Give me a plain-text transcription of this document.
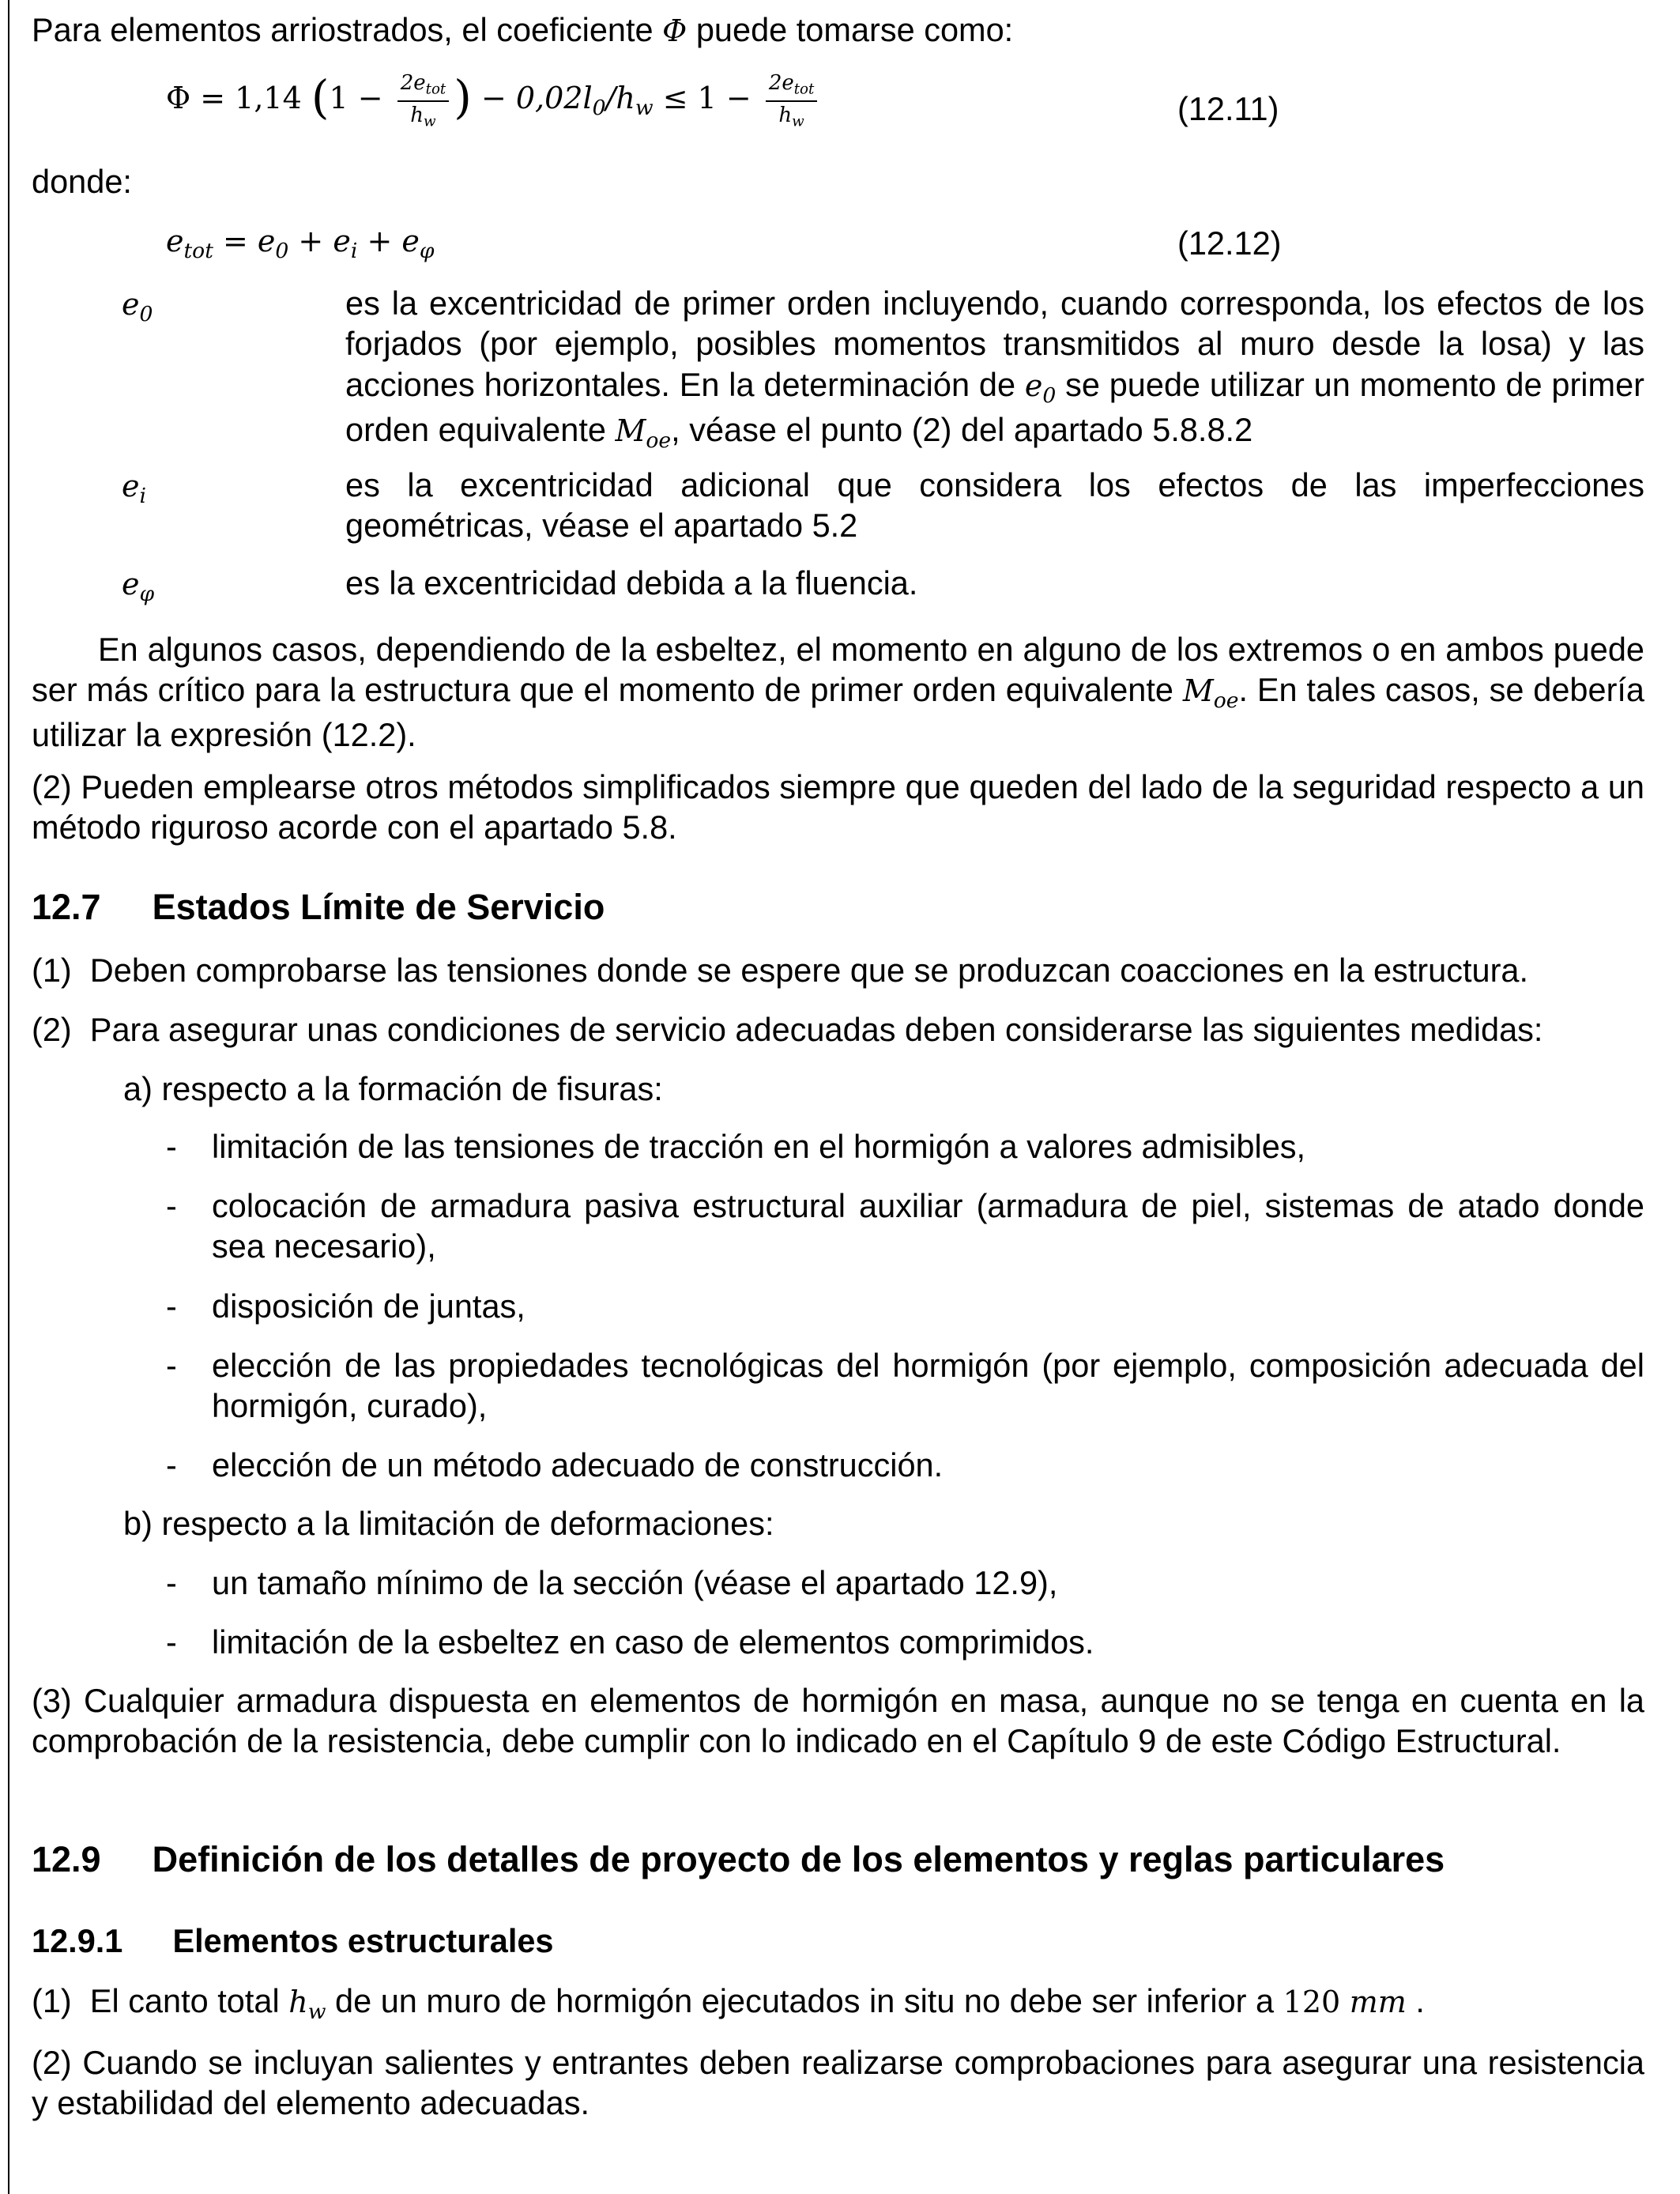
Para elementos arriostrados, el coeficiente Φ puede tomarse como:
Φ = 1,14 ($1 - \frac{2e_{tot}}{h_w}$ ) − $0,02l_0/h_w \le 1 - \frac{2e_{tot}}{h_w}$	(12.11)
donde:
$e_{tot} = e_0 + e_i + e_\varphi$	(12.12)
$e_0$	es la excentricidad de primer orden incluyendo, cuando corresponda, los efectos de los forjados (por ejemplo, posibles momentos transmitidos al muro desde la losa) y las acciones horizontales. En la determinación de $e_0$ se puede utilizar un momento de primer orden equivalente $M_{oe}$, véase el punto (2) del apartado 5.8.8.2
$e_i$	es la excentricidad adicional que considera los efectos de las imperfecciones geométricas, véase el apartado 5.2
$e_\varphi$	es la excentricidad debida a la fluencia.
En algunos casos, dependiendo de la esbeltez, el momento en alguno de los extremos o en ambos puede ser más crítico para la estructura que el momento de primer orden equivalente $M_{oe}$. En tales casos, se debería utilizar la expresión (12.2).
(2) Pueden emplearse otros métodos simplificados siempre que queden del lado de la seguridad respecto a un método riguroso acorde con el apartado 5.8.
12.7 Estados Límite de Servicio
(1) Deben comprobarse las tensiones donde se espere que se produzcan coacciones en la estructura.
(2) Para asegurar unas condiciones de servicio adecuadas deben considerarse las siguientes medidas:
a) respecto a la formación de fisuras:
- limitación de las tensiones de tracción en el hormigón a valores admisibles,
- colocación de armadura pasiva estructural auxiliar (armadura de piel, sistemas de atado donde sea necesario),
- disposición de juntas,
- elección de las propiedades tecnológicas del hormigón (por ejemplo, composición adecuada del hormigón, curado),
- elección de un método adecuado de construcción.
b) respecto a la limitación de deformaciones:
- un tamaño mínimo de la sección (véase el apartado 12.9),
- limitación de la esbeltez en caso de elementos comprimidos.
(3) Cualquier armadura dispuesta en elementos de hormigón en masa, aunque no se tenga en cuenta en la comprobación de la resistencia, debe cumplir con lo indicado en el Capítulo 9 de este Código Estructural.
12.9 Definición de los detalles de proyecto de los elementos y reglas particulares
12.9.1 Elementos estructurales
(1) El canto total $h_w$ de un muro de hormigón ejecutados in situ no debe ser inferior a 120 mm .
(2) Cuando se incluyan salientes y entrantes deben realizarse comprobaciones para asegurar una resistencia y estabilidad del elemento adecuadas.
